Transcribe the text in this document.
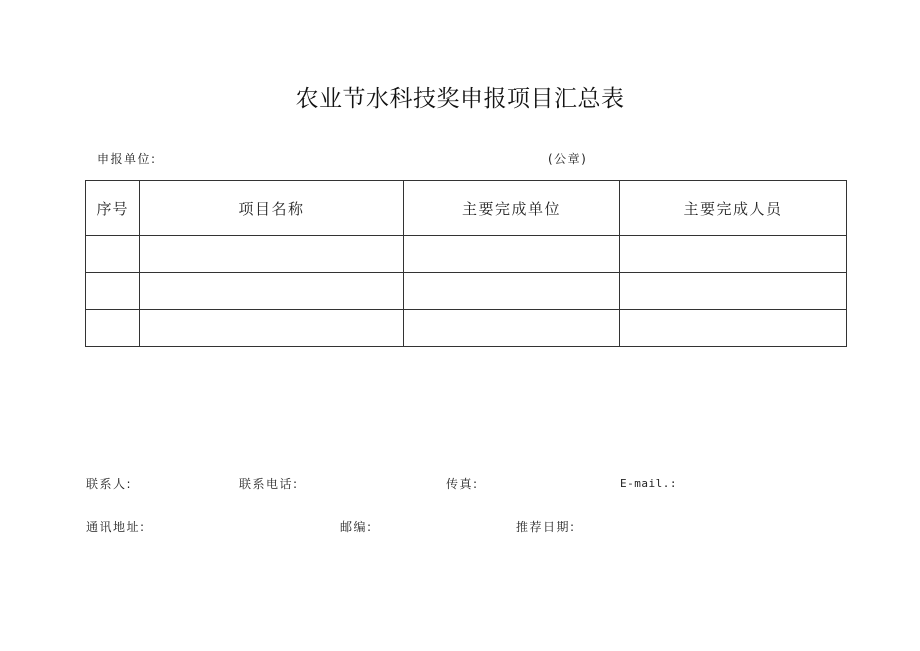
农业节水科技奖申报项目汇总表
申报单位:	(公章)
序号	项目名称	主要完成单位	主要完成人员

联系人:	联系电话:	传真:	E-mail.:
通讯地址:	邮编:	推荐日期:
